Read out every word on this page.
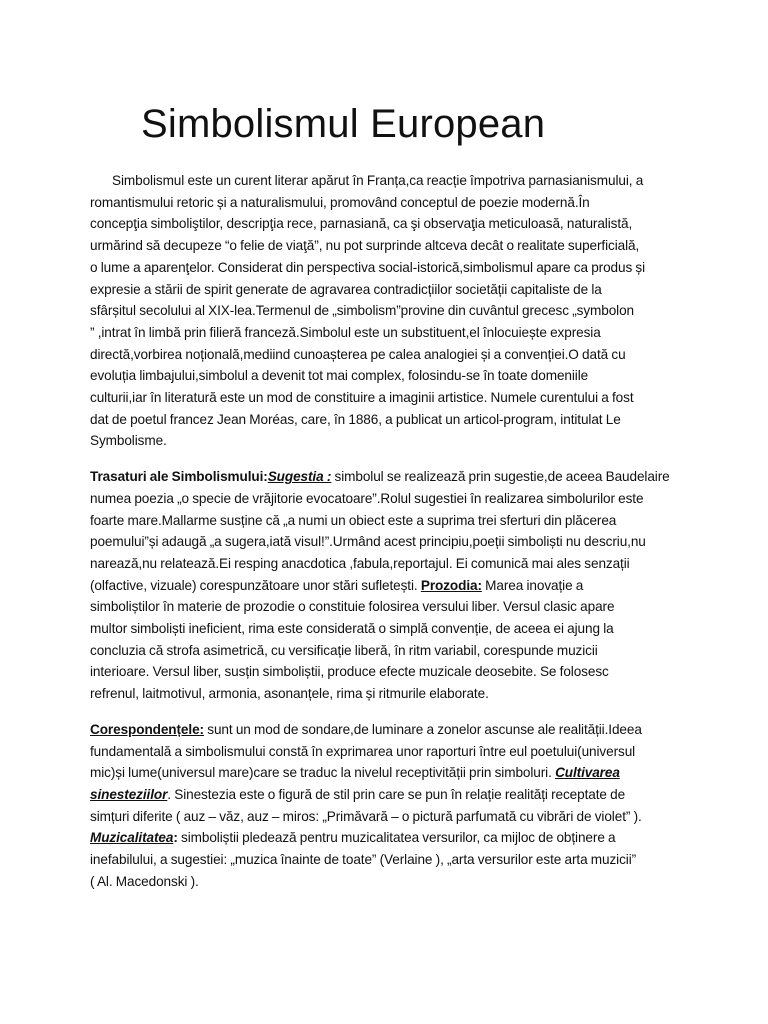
Simbolismul European

Simbolismul este un curent literar apărut în Franța,ca reacție împotriva parnasianismului, a
romantismului retoric și a naturalismului, promovând conceptul de poezie modernă.În
concepţia simboliştilor, descripţia rece, parnasiană, ca şi observaţia meticuloasă, naturalistă,
urmărind să decupeze “o felie de viaţă”, nu pot surprinde altceva decât o realitate superficială,
o lume a aparenţelor. Considerat din perspectiva social-istorică,simbolismul apare ca produs și
expresie a stării de spirit generate de agravarea contradicțiilor societății capitaliste de la
sfârșitul secolului al XIX-lea.Termenul de „simbolism”provine din cuvântul grecesc „symbolon
” ,intrat în limbă prin filieră franceză.Simbolul este un substituent,el înlocuiește expresia
directă,vorbirea noțională,mediind cunoașterea pe calea analogiei și a convenției.O dată cu
evoluția limbajului,simbolul a devenit tot mai complex, folosindu-se în toate domeniile
culturii,iar în literatură este un mod de constituire a imaginii artistice. Numele curentului a fost
dat de poetul francez Jean Moréas, care, în 1886, a publicat un articol-program, intitulat Le
Symbolisme.

Trasaturi ale Simbolismului:Sugestia : simbolul se realizează prin sugestie,de aceea Baudelaire
numea poezia „o specie de vrăjitorie evocatoare”.Rolul sugestiei în realizarea simbolurilor este
foarte mare.Mallarme susține că „a numi un obiect este a suprima trei sferturi din plăcerea
poemului”și adaugă „a sugera,iată visul!”.Urmând acest principiu,poeții simboliști nu descriu,nu
narează,nu relatează.Ei resping anacdotica ,fabula,reportajul. Ei comunică mai ales senzații
(olfactive, vizuale) corespunzătoare unor stări sufletești. Prozodia: Marea inovație a
simboliștilor în materie de prozodie o constituie folosirea versului liber. Versul clasic apare
multor simboliști ineficient, rima este considerată o simplă convenție, de aceea ei ajung la
concluzia că strofa asimetrică, cu versificație liberă, în ritm variabil, corespunde muzicii
interioare. Versul liber, susțin simboliștii, produce efecte muzicale deosebite. Se folosesc
refrenul, laitmotivul, armonia, asonanțele, rima și ritmurile elaborate.

Corespondențele: sunt un mod de sondare,de luminare a zonelor ascunse ale realității.Ideea
fundamentală a simbolismului constă în exprimarea unor raporturi între eul poetului(universul
mic)și lume(universul mare)care se traduc la nivelul receptivității prin simboluri. Cultivarea
sinesteziilor. Sinestezia este o figură de stil prin care se pun în relație realități receptate de
simțuri diferite ( auz – văz, auz – miros: „Primăvară – o pictură parfumată cu vibrări de violet” ).
Muzicalitatea: simboliștii pledează pentru muzicalitatea versurilor, ca mijloc de obținere a
inefabilului, a sugestiei: „muzica înainte de toate” (Verlaine ), „arta versurilor este arta muzicii”
( Al. Macedonski ).
